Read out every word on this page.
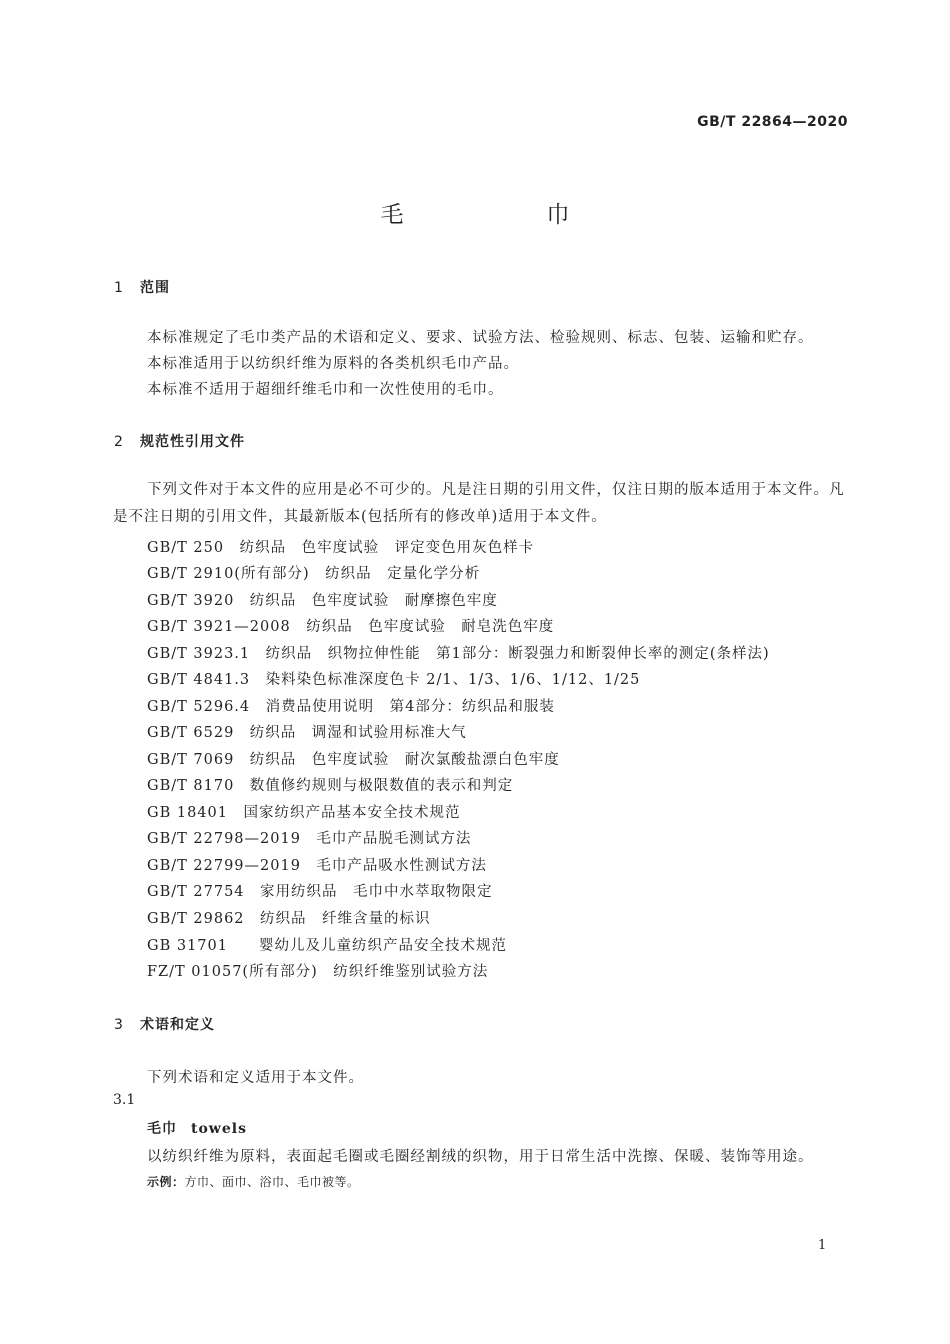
GB/T 22864—2020
毛　巾
1 范围
本标准规定了毛巾类产品的术语和定义、要求、试验方法、检验规则、标志、包装、运输和贮存。
本标准适用于以纺织纤维为原料的各类机织毛巾产品。
本标准不适用于超细纤维毛巾和一次性使用的毛巾。
2 规范性引用文件
下列文件对于本文件的应用是必不可少的。凡是注日期的引用文件，仅注日期的版本适用于本文件。凡是不注日期的引用文件，其最新版本(包括所有的修改单)适用于本文件。
GB/T 250　纺织品　色牢度试验　评定变色用灰色样卡
GB/T 2910(所有部分)　纺织品　定量化学分析
GB/T 3920　纺织品　色牢度试验　耐摩擦色牢度
GB/T 3921—2008　纺织品　色牢度试验　耐皂洗色牢度
GB/T 3923.1　纺织品　织物拉伸性能　第1部分：断裂强力和断裂伸长率的测定(条样法)
GB/T 4841.3　染料染色标准深度色卡 2/1、1/3、1/6、1/12、1/25
GB/T 5296.4　消费品使用说明　第4部分：纺织品和服装
GB/T 6529　纺织品　调湿和试验用标准大气
GB/T 7069　纺织品　色牢度试验　耐次氯酸盐漂白色牢度
GB/T 8170　数值修约规则与极限数值的表示和判定
GB 18401　国家纺织产品基本安全技术规范
GB/T 22798—2019　毛巾产品脱毛测试方法
GB/T 22799—2019　毛巾产品吸水性测试方法
GB/T 27754　家用纺织品　毛巾中水萃取物限定
GB/T 29862　纺织品　纤维含量的标识
GB 31701　　婴幼儿及儿童纺织产品安全技术规范
FZ/T 01057(所有部分)　纺织纤维鉴别试验方法
3 术语和定义
下列术语和定义适用于本文件。
3.1
毛巾 towels
以纺织纤维为原料，表面起毛圈或毛圈经割绒的织物，用于日常生活中洗擦、保暖、装饰等用途。
示例：方巾、面巾、浴巾、毛巾被等。
1
